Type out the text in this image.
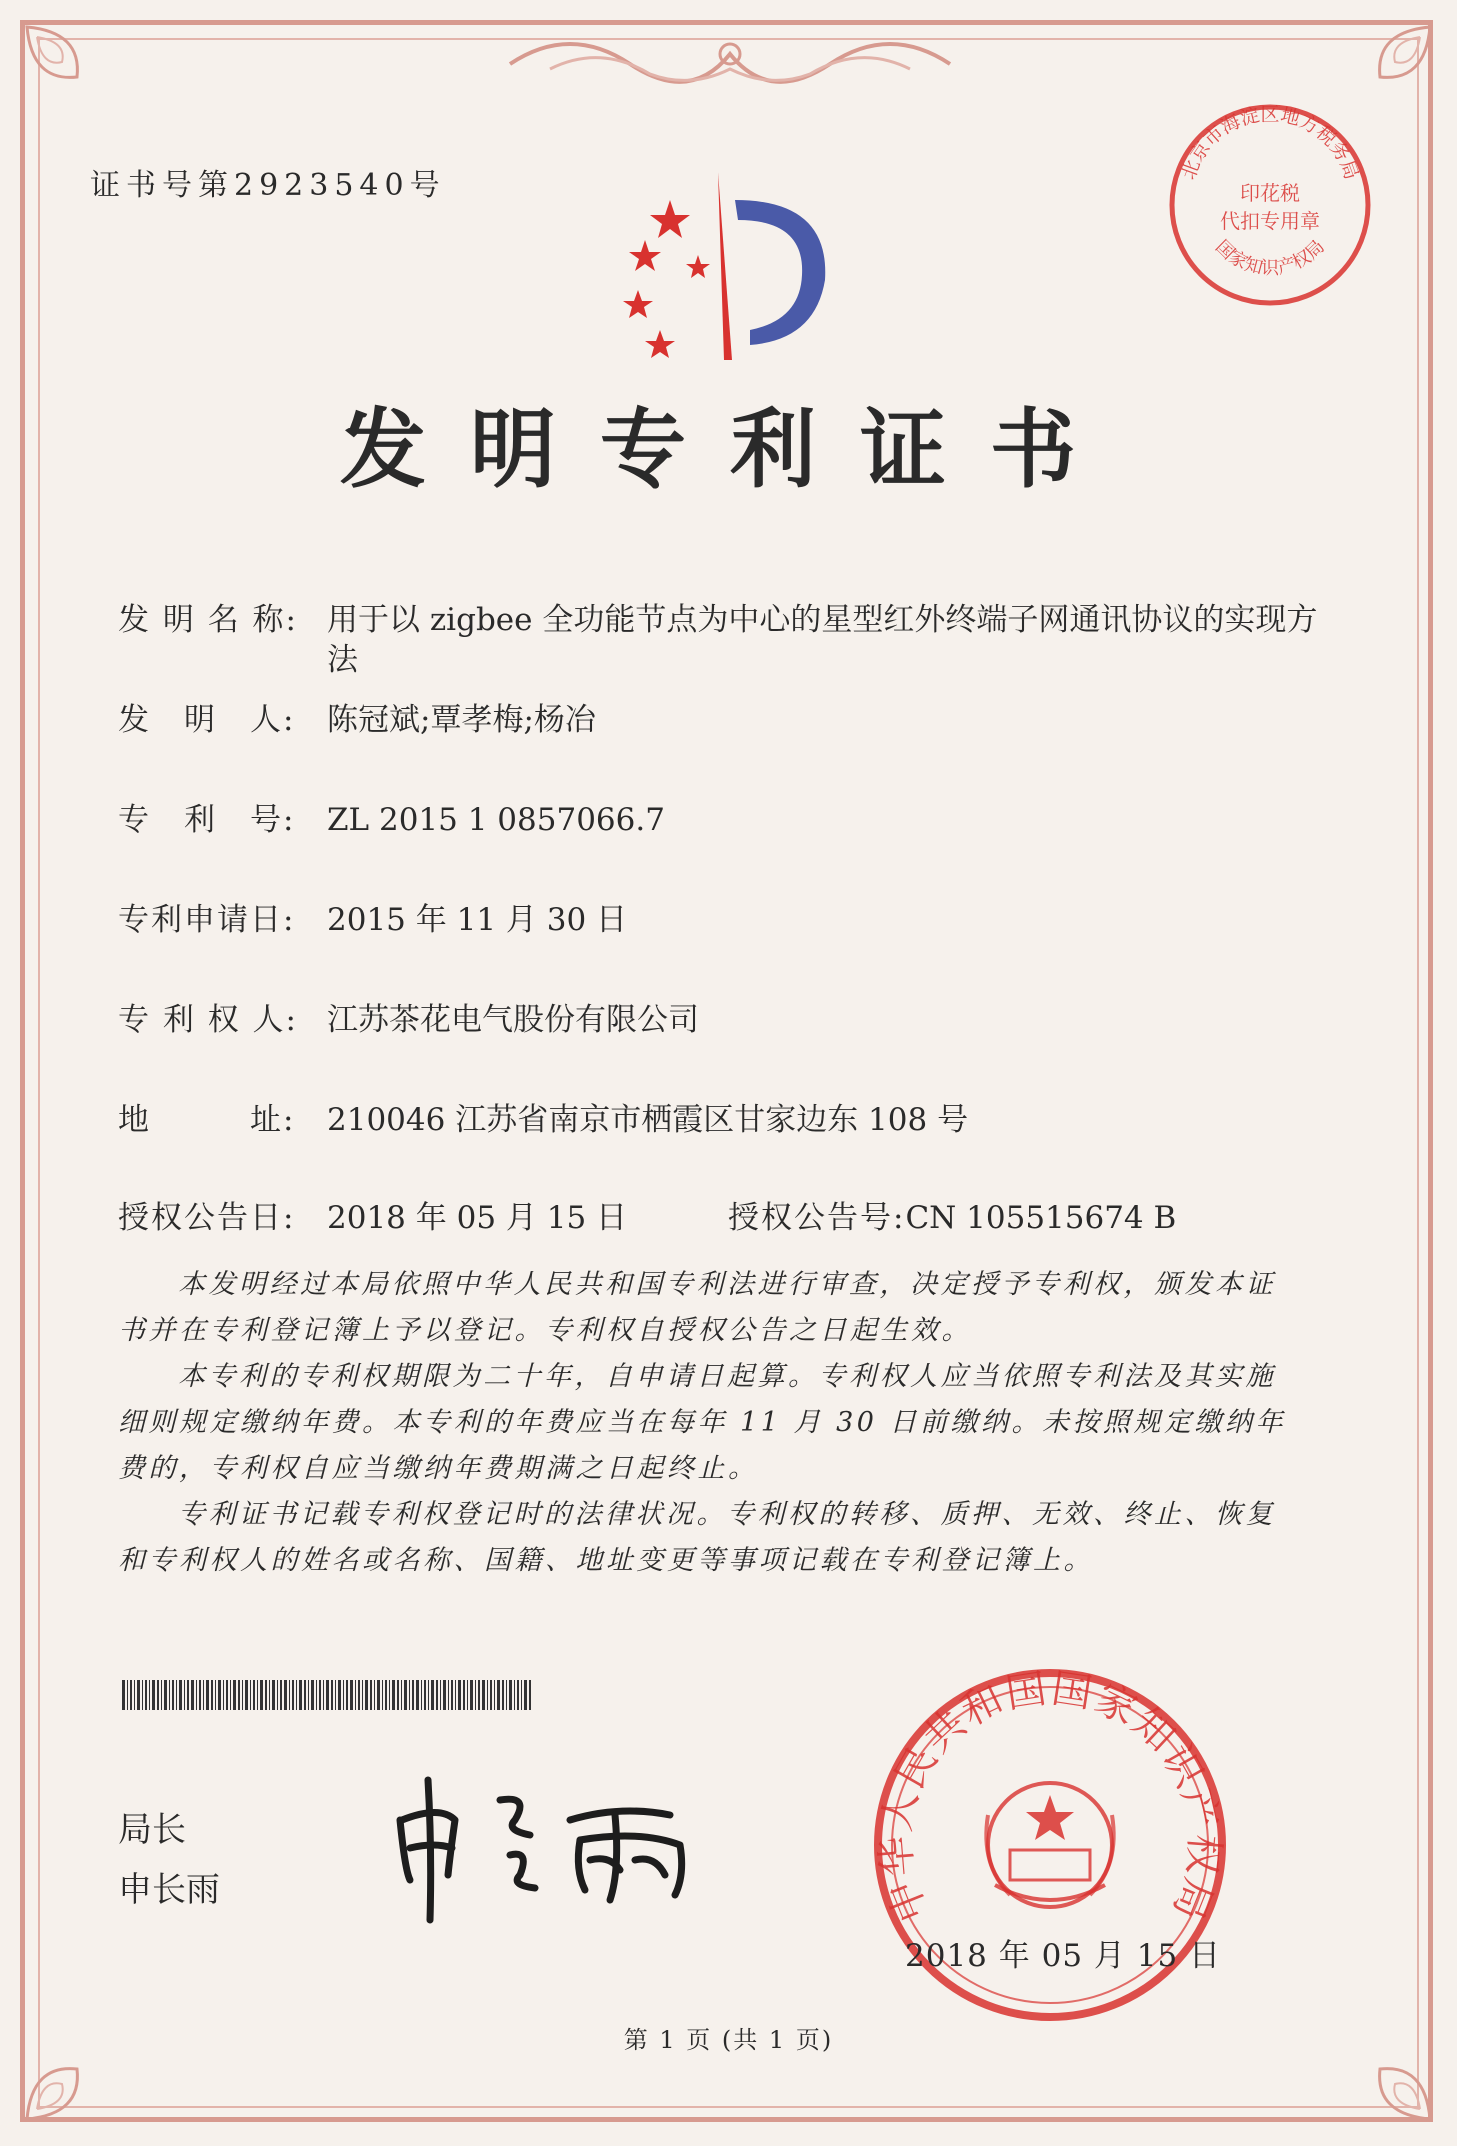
证书号第2923540号
发明专利证书
发 明 名 称: 用于以 zigbee 全功能节点为中心的星型红外终端子网通讯协议的实现方法
发　明　人: 陈冠斌;覃孝梅;杨冶
专　利　号: ZL 2015 1 0857066.7
专利申请日: 2015 年 11 月 30 日
专 利 权 人: 江苏茶花电气股份有限公司
地　　　址: 210046 江苏省南京市栖霞区甘家边东 108 号
授权公告日: 2018 年 05 月 15 日	授权公告号:CN 105515674 B

本发明经过本局依照中华人民共和国专利法进行审查，决定授予专利权，颁发本证书并在专利登记簿上予以登记。专利权自授权公告之日起生效。

本专利的专利权期限为二十年，自申请日起算。专利权人应当依照专利法及其实施细则规定缴纳年费。本专利的年费应当在每年 11 月 30 日前缴纳。未按照规定缴纳年费的，专利权自应当缴纳年费期满之日起终止。

专利证书记载专利权登记时的法律状况。专利权的转移、质押、无效、终止、恢复和专利权人的姓名或名称、国籍、地址变更等事项记载在专利登记簿上。

局长
申长雨	中华人民共和国国家知识产权局
2018 年 05 月 15 日
北京市海淀区地方税务局
国家知识产权局
印花税
代扣专用章
第 1 页 (共 1 页)
